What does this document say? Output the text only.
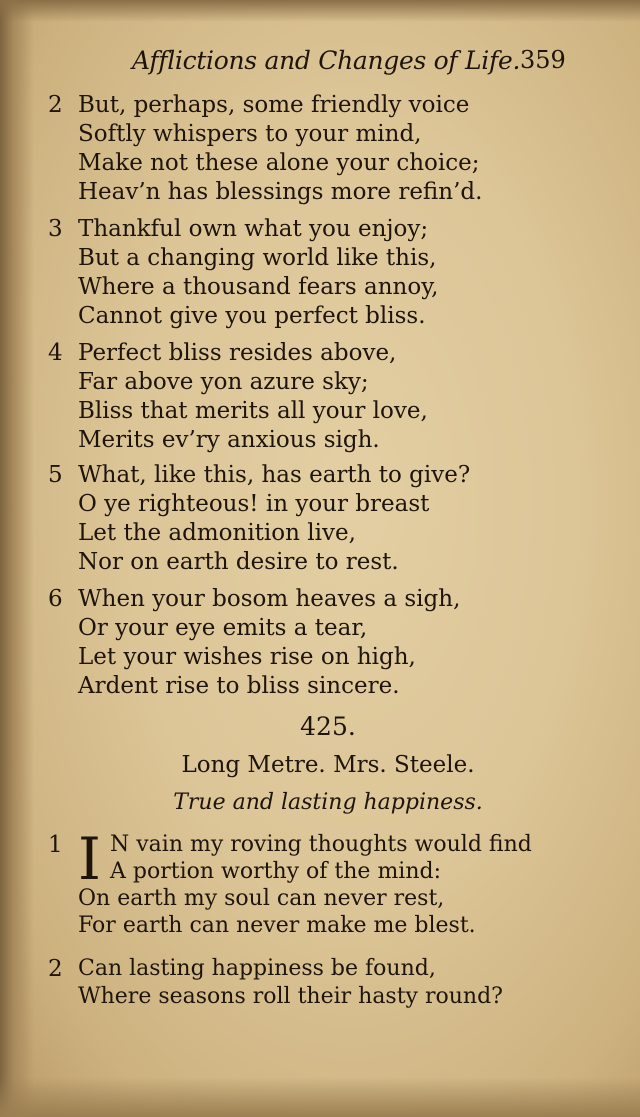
Afflictions and Changes of Life. 359
2 But, perhaps, some friendly voice
Softly whispers to your mind,
Make not these alone your choice;
Heav’n has blessings more refin’d.
3 Thankful own what you enjoy;
But a changing world like this,
Where a thousand fears annoy,
Cannot give you perfect bliss.
4 Perfect bliss resides above,
Far above yon azure sky;
Bliss that merits all your love,
Merits ev’ry anxious sigh.
5 What, like this, has earth to give?
O ye righteous! in your breast
Let the admonition live,
Nor on earth desire to rest.
6 When your bosom heaves a sigh,
Or your eye emits a tear,
Let your wishes rise on high,
Ardent rise to bliss sincere.
425.
Long Metre. Mrs. Steele.
True and lasting happiness.
1 I N vain my roving thoughts would find
A portion worthy of the mind:
On earth my soul can never rest,
For earth can never make me blest.
2 Can lasting happiness be found,
Where seasons roll their hasty round?
